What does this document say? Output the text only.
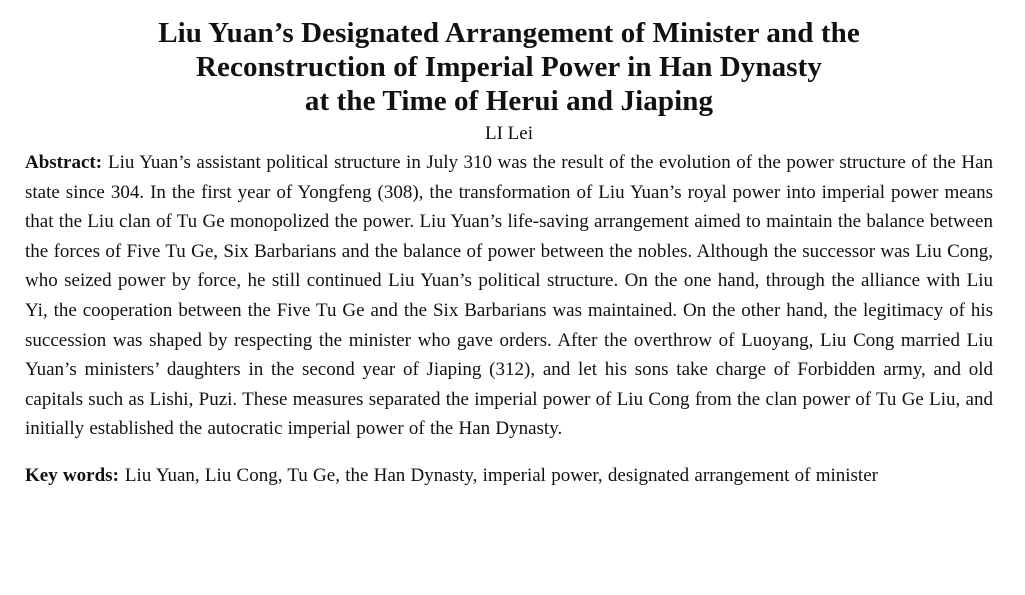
Liu Yuan’s Designated Arrangement of Minister and the
Reconstruction of Imperial Power in Han Dynasty
at the Time of Herui and Jiaping
LI Lei

Abstract: Liu Yuan’s assistant political structure in July 310 was the result of the evolution of the power structure of the Han state since 304. In the first year of Yongfeng (308), the transformation of Liu Yuan’s royal power into imperial power means that the Liu clan of Tu Ge monopolized the power. Liu Yuan’s life-saving arrangement aimed to maintain the balance between the forces of Five Tu Ge, Six Barbarians and the balance of power between the nobles. Although the successor was Liu Cong, who seized power by force, he still continued Liu Yuan’s political structure. On the one hand, through the alliance with Liu Yi, the cooperation between the Five Tu Ge and the Six Barbarians was maintained. On the other hand, the legitimacy of his succession was shaped by respecting the minister who gave orders. After the overthrow of Luoyang, Liu Cong married Liu Yuan’s ministers’ daughters in the second year of Jiaping (312), and let his sons take charge of Forbidden army, and old capitals such as Lishi, Puzi. These measures separated the imperial power of Liu Cong from the clan power of Tu Ge Liu, and initially established the autocratic imperial power of the Han Dynasty.

Key words: Liu Yuan, Liu Cong, Tu Ge, the Han Dynasty, imperial power, designated arrangement of minister
